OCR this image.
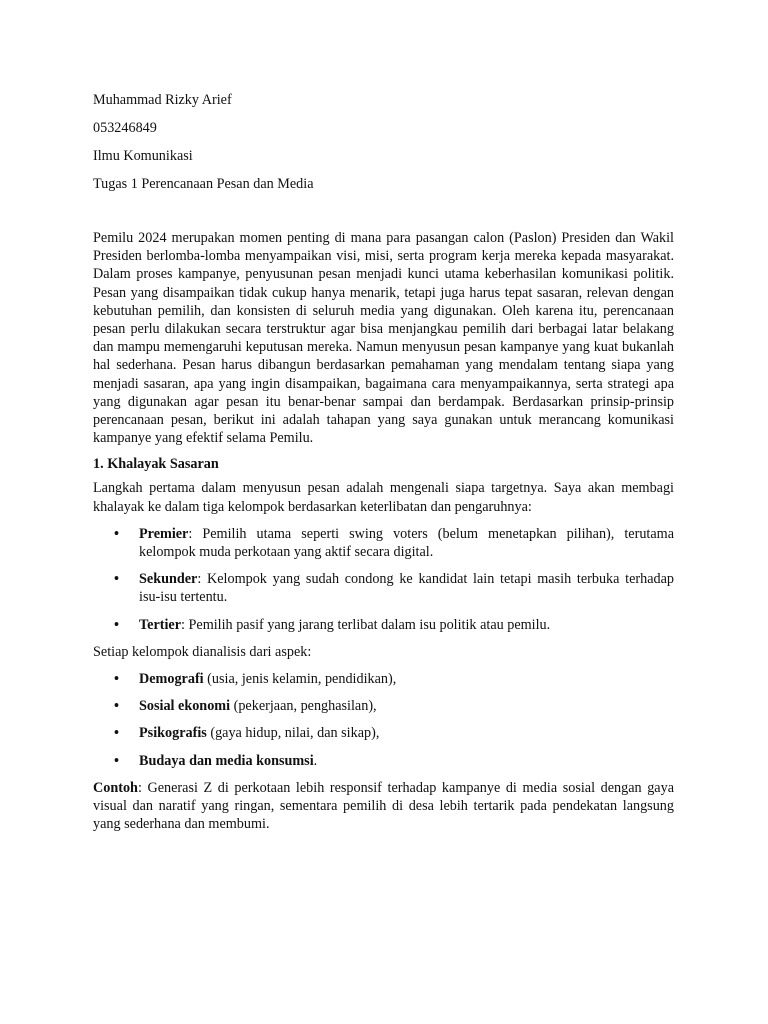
Muhammad Rizky Arief

053246849

Ilmu Komunikasi

Tugas 1 Perencanaan Pesan dan Media

Pemilu 2024 merupakan momen penting di mana para pasangan calon (Paslon) Presiden dan Wakil Presiden berlomba-lomba menyampaikan visi, misi, serta program kerja mereka kepada masyarakat. Dalam proses kampanye, penyusunan pesan menjadi kunci utama keberhasilan komunikasi politik. Pesan yang disampaikan tidak cukup hanya menarik, tetapi juga harus tepat sasaran, relevan dengan kebutuhan pemilih, dan konsisten di seluruh media yang digunakan. Oleh karena itu, perencanaan pesan perlu dilakukan secara terstruktur agar bisa menjangkau pemilih dari berbagai latar belakang dan mampu memengaruhi keputusan mereka. Namun menyusun pesan kampanye yang kuat bukanlah hal sederhana. Pesan harus dibangun berdasarkan pemahaman yang mendalam tentang siapa yang menjadi sasaran, apa yang ingin disampaikan, bagaimana cara menyampaikannya, serta strategi apa yang digunakan agar pesan itu benar-benar sampai dan berdampak. Berdasarkan prinsip-prinsip perencanaan pesan, berikut ini adalah tahapan yang saya gunakan untuk merancang komunikasi kampanye yang efektif selama Pemilu.

1. Khalayak Sasaran

Langkah pertama dalam menyusun pesan adalah mengenali siapa targetnya. Saya akan membagi khalayak ke dalam tiga kelompok berdasarkan keterlibatan dan pengaruhnya:

• Premier: Pemilih utama seperti swing voters (belum menetapkan pilihan), terutama kelompok muda perkotaan yang aktif secara digital.
• Sekunder: Kelompok yang sudah condong ke kandidat lain tetapi masih terbuka terhadap isu-isu tertentu.
• Tertier: Pemilih pasif yang jarang terlibat dalam isu politik atau pemilu.

Setiap kelompok dianalisis dari aspek:

• Demografi (usia, jenis kelamin, pendidikan),
• Sosial ekonomi (pekerjaan, penghasilan),
• Psikografis (gaya hidup, nilai, dan sikap),
• Budaya dan media konsumsi.

Contoh: Generasi Z di perkotaan lebih responsif terhadap kampanye di media sosial dengan gaya visual dan naratif yang ringan, sementara pemilih di desa lebih tertarik pada pendekatan langsung yang sederhana dan membumi.
